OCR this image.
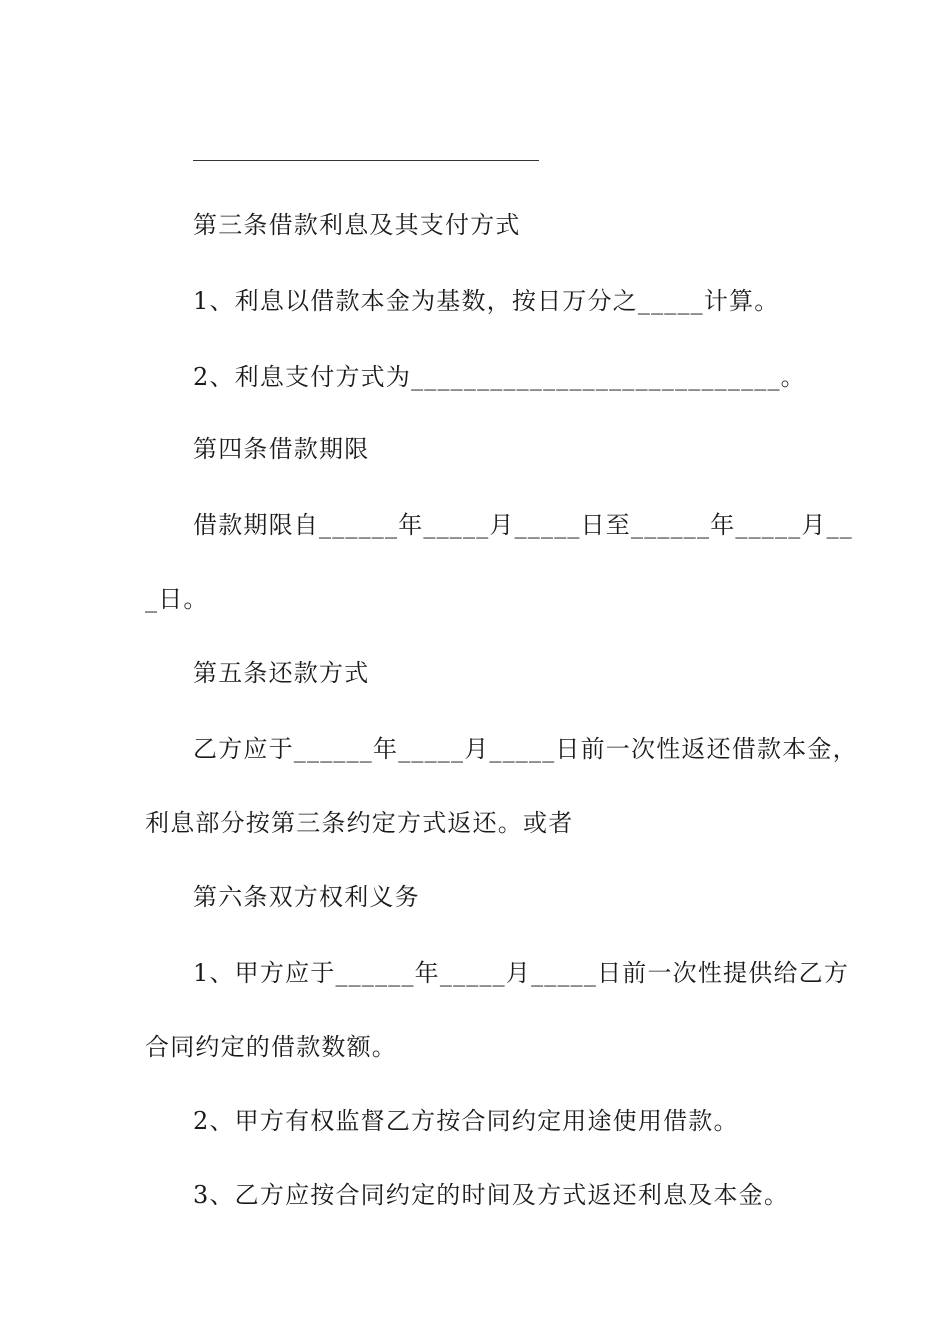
第三条借款利息及其支付方式
1、利息以借款本金为基数，按日万分之_____计算。
2、利息支付方式为____________________________。
第四条借款期限
借款期限自______年_____月_____日至______年_____月__
_日。
第五条还款方式
乙方应于______年_____月_____日前一次性返还借款本金，
利息部分按第三条约定方式返还。或者
第六条双方权利义务
1、甲方应于______年_____月_____日前一次性提供给乙方
合同约定的借款数额。
2、甲方有权监督乙方按合同约定用途使用借款。
3、乙方应按合同约定的时间及方式返还利息及本金。
